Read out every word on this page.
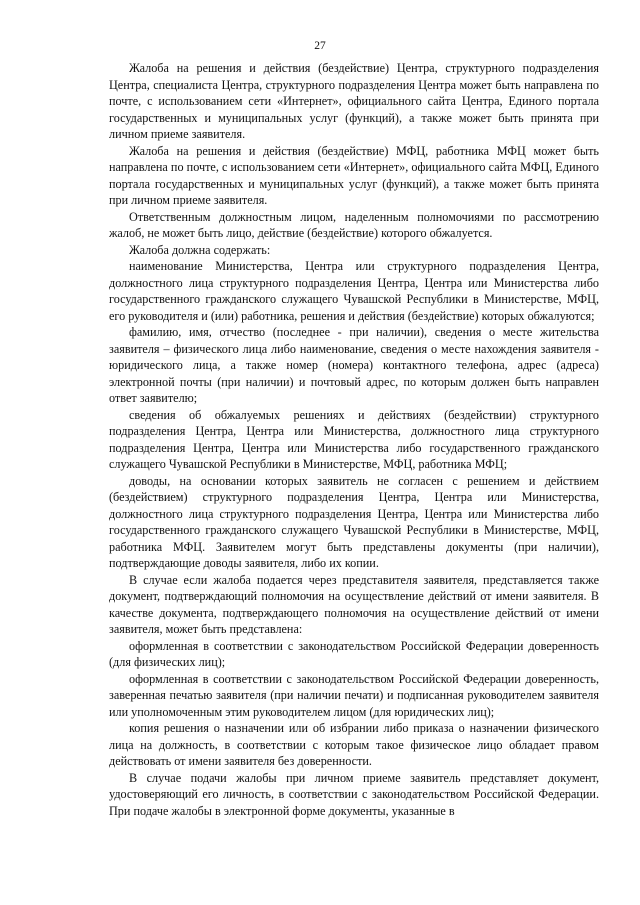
27

Жалоба на решения и действия (бездействие) Центра, структурного подразделения Центра, специалиста Центра, структурного подразделения Центра может быть направлена по почте, с использованием сети «Интернет», официального сайта Центра, Единого портала государственных и муниципальных услуг (функций), а также может быть принята при личном приеме заявителя.

Жалоба на решения и действия (бездействие) МФЦ, работника МФЦ может быть направлена по почте, с использованием сети «Интернет», официального сайта МФЦ, Единого портала государственных и муниципальных услуг (функций), а также может быть принята при личном приеме заявителя.

Ответственным должностным лицом, наделенным полномочиями по рассмотрению жалоб, не может быть лицо, действие (бездействие) которого обжалуется.

Жалоба должна содержать:

наименование Министерства, Центра или структурного подразделения Центра, должностного лица структурного подразделения Центра, Центра или Министерства либо государственного гражданского служащего Чувашской Республики в Министерстве, МФЦ, его руководителя и (или) работника, решения и действия (бездействие) которых обжалуются;

фамилию, имя, отчество (последнее - при наличии), сведения о месте жительства заявителя – физического лица либо наименование, сведения о месте нахождения заявителя - юридического лица, а также номер (номера) контактного телефона, адрес (адреса) электронной почты (при наличии) и почтовый адрес, по которым должен быть направлен ответ заявителю;

сведения об обжалуемых решениях и действиях (бездействии) структурного подразделения Центра, Центра или Министерства, должностного лица структурного подразделения Центра, Центра или Министерства либо государственного гражданского служащего Чувашской Республики в Министерстве, МФЦ, работника МФЦ;

доводы, на основании которых заявитель не согласен с решением и действием (бездействием) структурного подразделения Центра, Центра или Министерства, должностного лица структурного подразделения Центра, Центра или Министерства либо государственного гражданского служащего Чувашской Республики в Министерстве, МФЦ, работника МФЦ. Заявителем могут быть представлены документы (при наличии), подтверждающие доводы заявителя, либо их копии.

В случае если жалоба подается через представителя заявителя, представляется также документ, подтверждающий полномочия на осуществление действий от имени заявителя. В качестве документа, подтверждающего полномочия на осуществление действий от имени заявителя, может быть представлена:

оформленная в соответствии с законодательством Российской Федерации доверенность (для физических лиц);

оформленная в соответствии с законодательством Российской Федерации доверенность, заверенная печатью заявителя (при наличии печати) и подписанная руководителем заявителя или уполномоченным этим руководителем лицом (для юридических лиц);

копия решения о назначении или об избрании либо приказа о назначении физического лица на должность, в соответствии с которым такое физическое лицо обладает правом действовать от имени заявителя без доверенности.

В случае подачи жалобы при личном приеме заявитель представляет документ, удостоверяющий его личность, в соответствии с законодательством Российской Федерации. При подаче жалобы в электронной форме документы, указанные в
